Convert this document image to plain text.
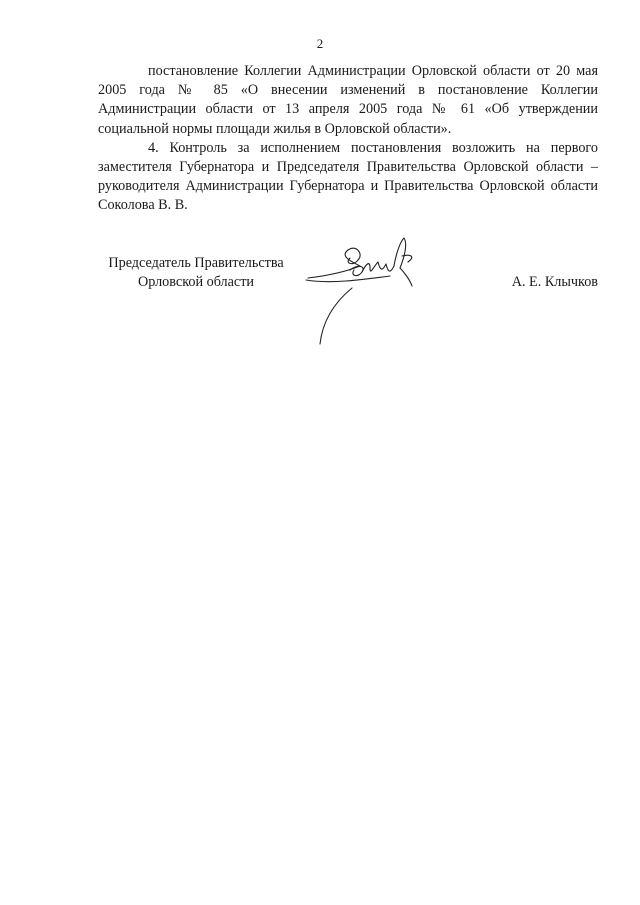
2

постановление Коллегии Администрации Орловской области от 20 мая 2005 года № 85 «О внесении изменений в постановление Коллегии Администрации области от 13 апреля 2005 года № 61 «Об утверждении социальной нормы площади жилья в Орловской области».

4. Контроль за исполнением постановления возложить на первого заместителя Губернатора и Председателя Правительства Орловской области – руководителя Администрации Губернатора и Правительства Орловской области Соколова В. В.

Председатель Правительства
Орловской области	А. Е. Клычков
